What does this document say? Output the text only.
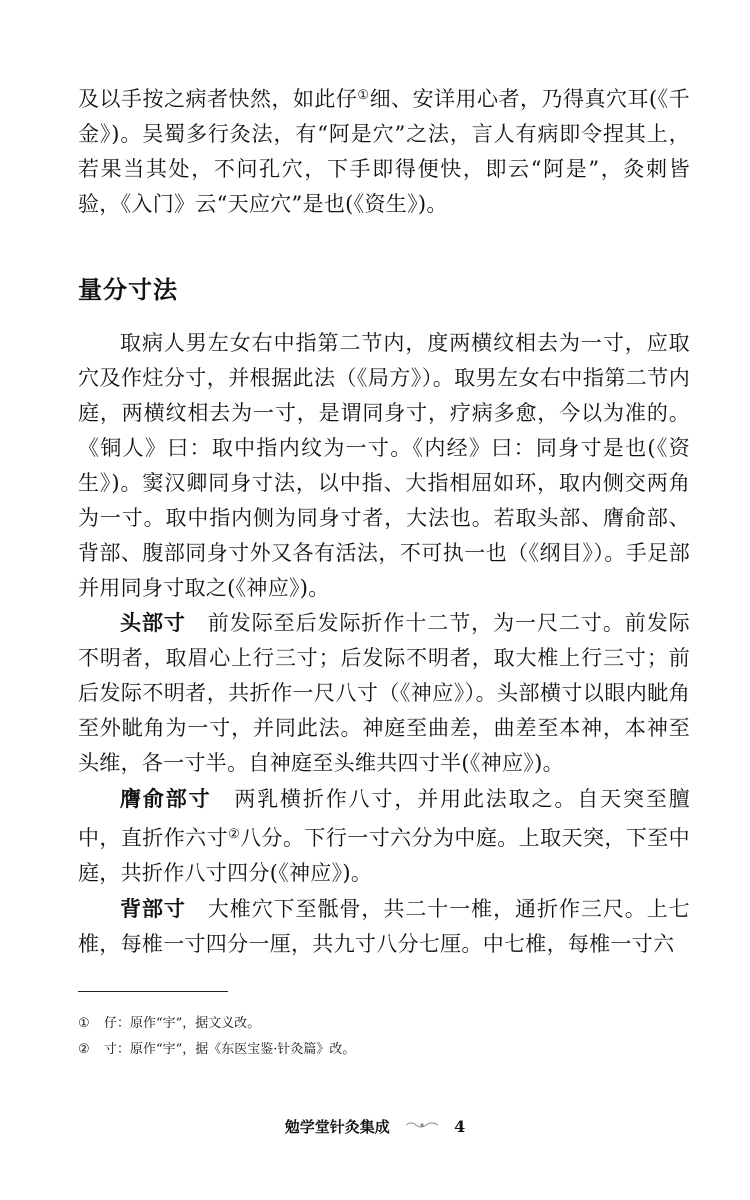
及以手按之病者快然，如此仔①细、安详用心者，乃得真穴耳(《千金》)。吴蜀多行灸法，有“阿是穴”之法，言人有病即令捏其上，若果当其处，不问孔穴，下手即得便快，即云“阿是”，灸刺皆验，《入门》云“天应穴”是也(《资生》)。

量分寸法

取病人男左女右中指第二节内，度两横纹相去为一寸，应取穴及作炷分寸，并根据此法（《局方》）。取男左女右中指第二节内庭，两横纹相去为一寸，是谓同身寸，疗病多愈，今以为准的。《铜人》曰：取中指内纹为一寸。《内经》曰：同身寸是也(《资生》)。窦汉卿同身寸法，以中指、大指相屈如环，取内侧交两角为一寸。取中指内侧为同身寸者，大法也。若取头部、膺俞部、背部、腹部同身寸外又各有活法，不可执一也（《纲目》）。手足部并用同身寸取之(《神应》)。

头部寸　 前发际至后发际折作十二节，为一尺二寸。前发际不明者，取眉心上行三寸；后发际不明者，取大椎上行三寸；前后发际不明者，共折作一尺八寸（《神应》）。头部横寸以眼内眦角至外眦角为一寸，并同此法。神庭至曲差，曲差至本神，本神至头维，各一寸半。自神庭至头维共四寸半(《神应》)。

膺俞部寸　 两乳横折作八寸，并用此法取之。自天突至膻中，直折作六寸②八分。下行一寸六分为中庭。上取天突，下至中庭，共折作八寸四分(《神应》)。

背部寸　 大椎穴下至骶骨，共二十一椎，通折作三尺。上七椎，每椎一寸四分一厘，共九寸八分七厘。中七椎，每椎一寸六

① 仔：原作“宇”，据文义改。
② 寸：原作“宇”，据《东医宝鉴·针灸篇》改。
勉学堂针灸集成	4
